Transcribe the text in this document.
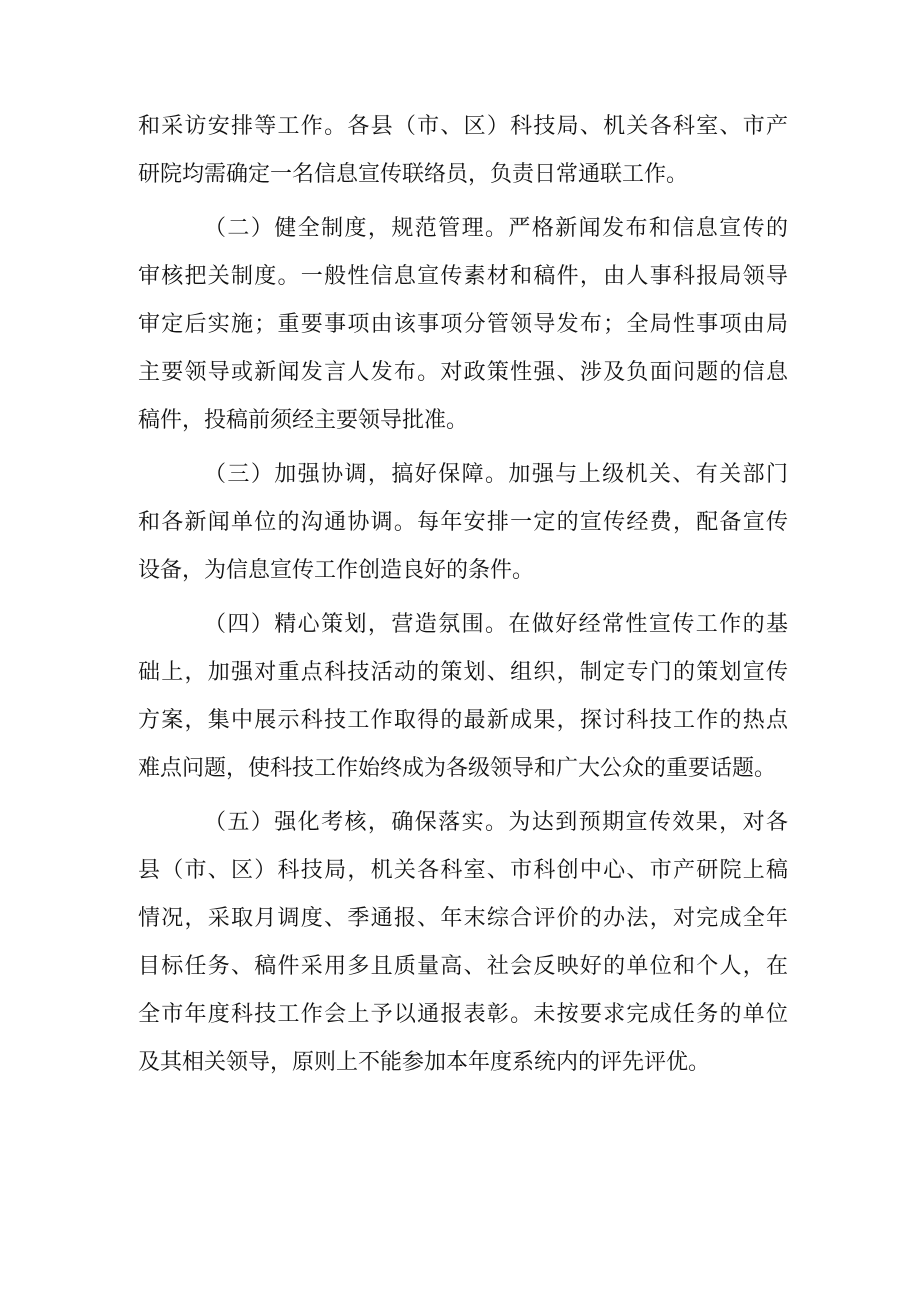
和采访安排等工作。各县（市、区）科技局、机关各科室、市产
研院均需确定一名信息宣传联络员，负责日常通联工作。
（二）健全制度，规范管理。严格新闻发布和信息宣传的
审核把关制度。一般性信息宣传素材和稿件，由人事科报局领导
审定后实施；重要事项由该事项分管领导发布；全局性事项由局
主要领导或新闻发言人发布。对政策性强、涉及负面问题的信息
稿件，投稿前须经主要领导批准。
（三）加强协调，搞好保障。加强与上级机关、有关部门
和各新闻单位的沟通协调。每年安排一定的宣传经费，配备宣传
设备，为信息宣传工作创造良好的条件。
（四）精心策划，营造氛围。在做好经常性宣传工作的基
础上，加强对重点科技活动的策划、组织，制定专门的策划宣传
方案，集中展示科技工作取得的最新成果，探讨科技工作的热点
难点问题，使科技工作始终成为各级领导和广大公众的重要话题。
（五）强化考核，确保落实。为达到预期宣传效果，对各
县（市、区）科技局，机关各科室、市科创中心、市产研院上稿
情况，采取月调度、季通报、年末综合评价的办法，对完成全年
目标任务、稿件采用多且质量高、社会反映好的单位和个人，在
全市年度科技工作会上予以通报表彰。未按要求完成任务的单位
及其相关领导，原则上不能参加本年度系统内的评先评优。
